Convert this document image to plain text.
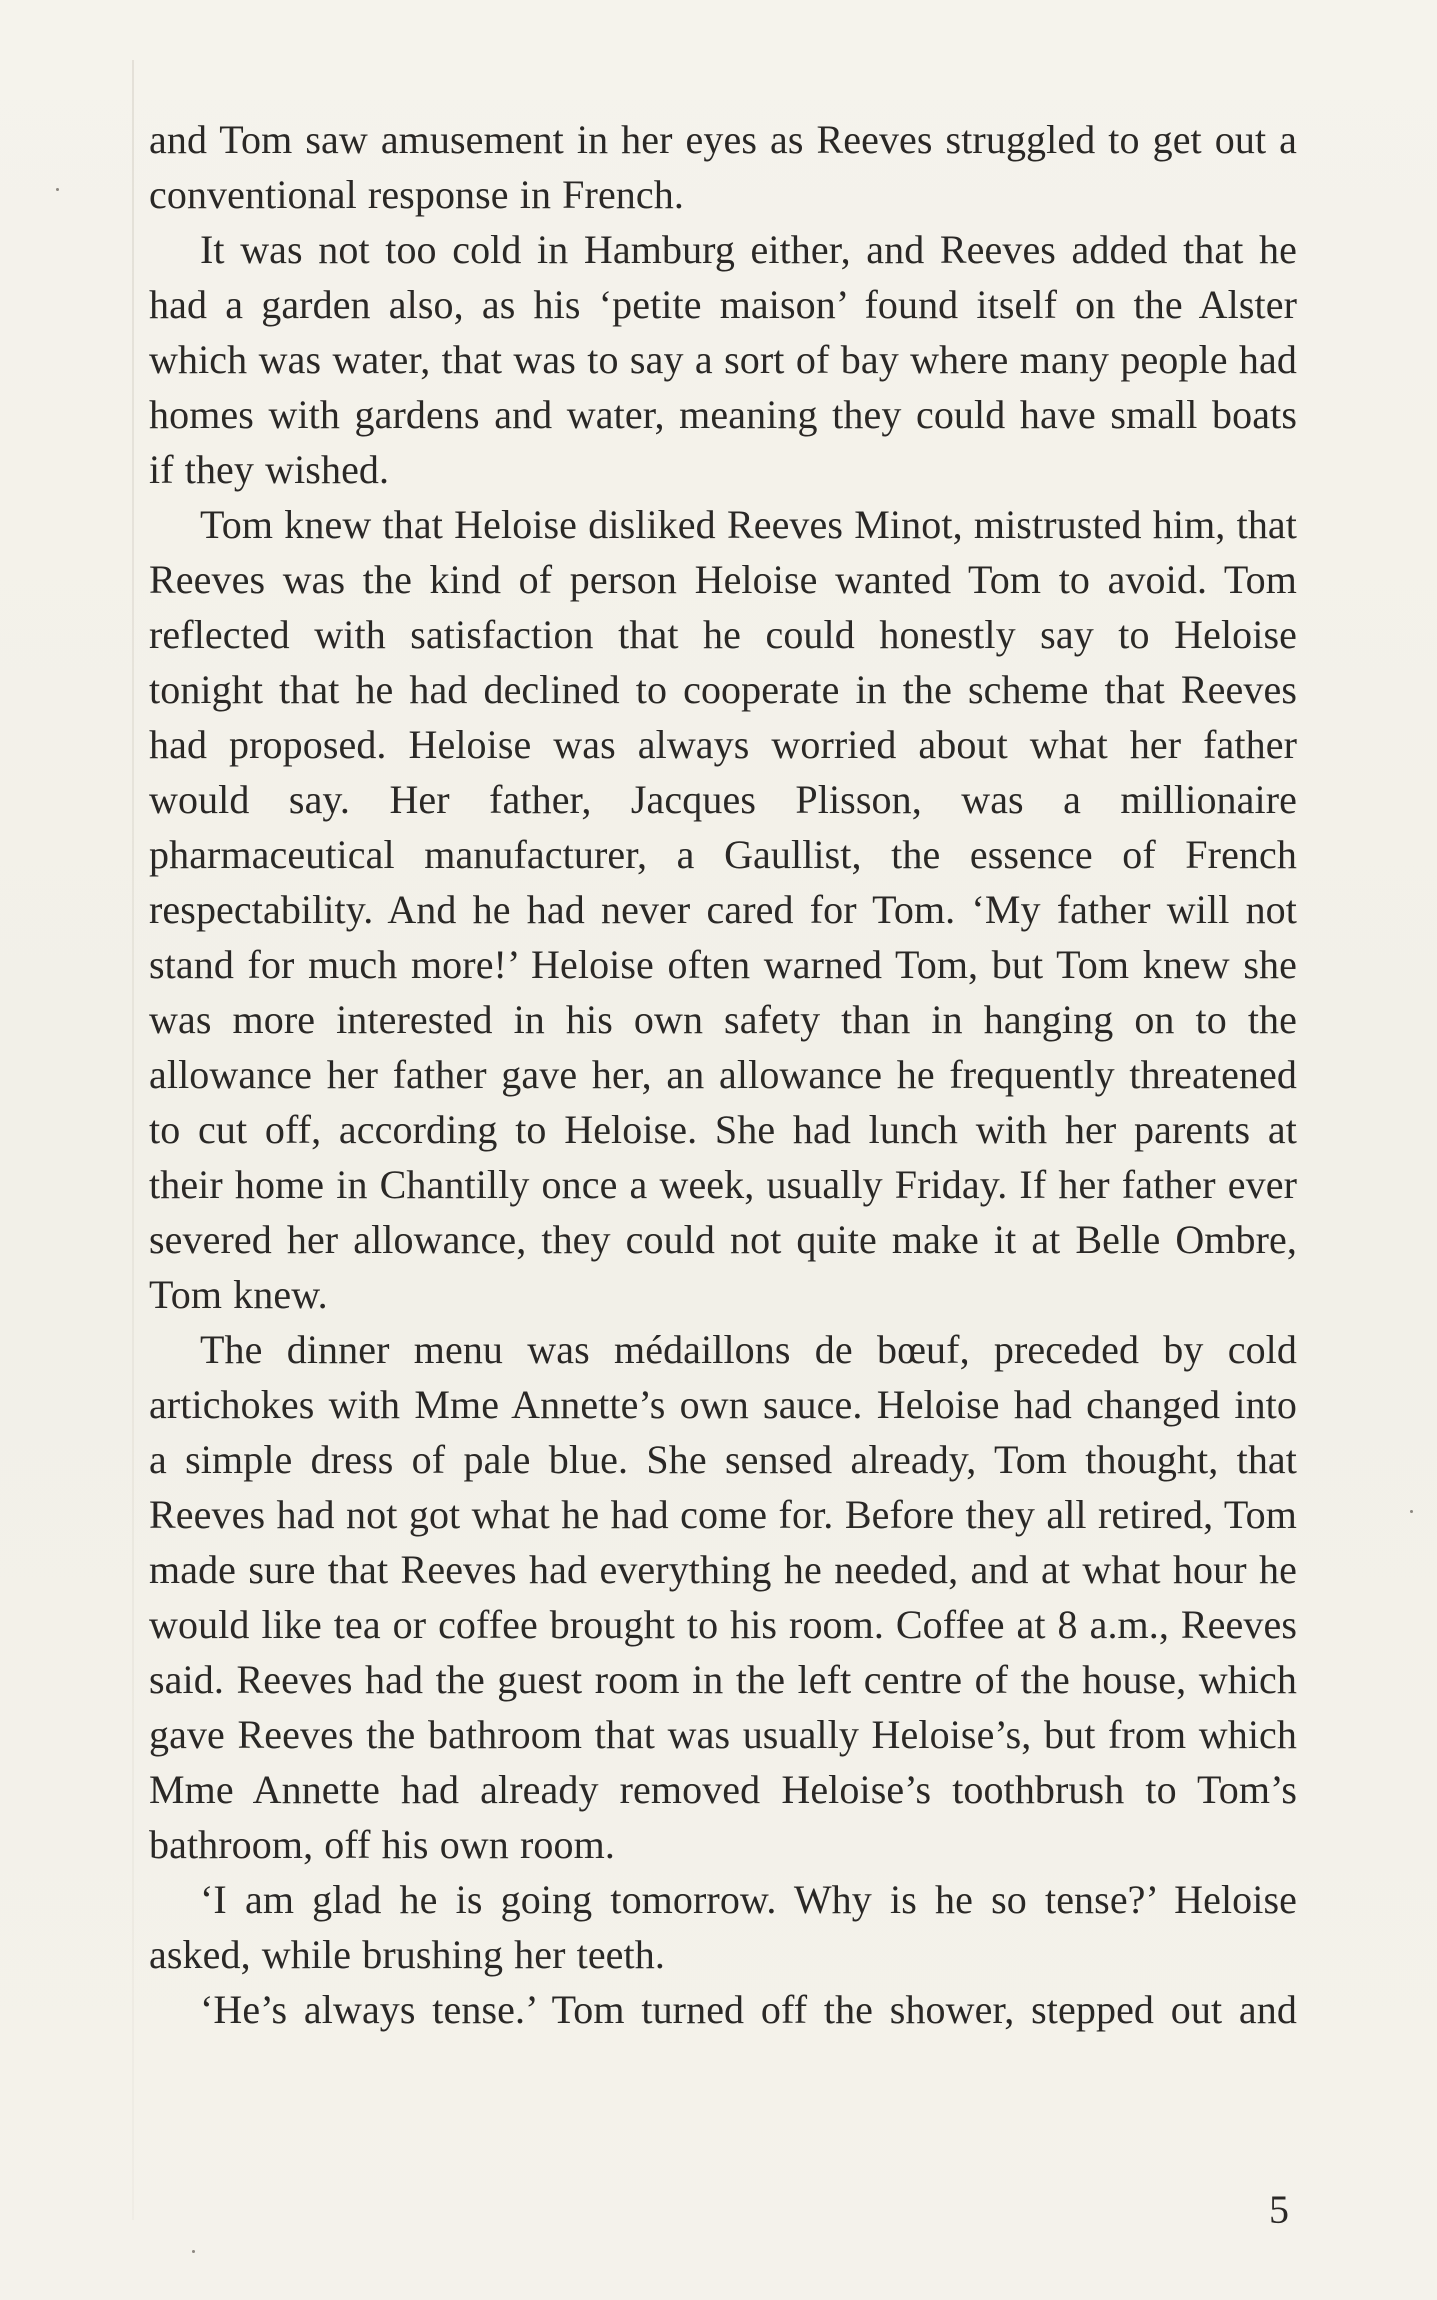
and Tom saw amusement in her eyes as Reeves struggled to get out a conventional response in French.

It was not too cold in Hamburg either, and Reeves added that he had a garden also, as his ‘petite maison’ found itself on the Alster which was water, that was to say a sort of bay where many people had homes with gardens and water, meaning they could have small boats if they wished.

Tom knew that Heloise disliked Reeves Minot, mistrusted him, that Reeves was the kind of person Heloise wanted Tom to avoid. Tom reflected with satisfaction that he could honestly say to Heloise tonight that he had declined to cooperate in the scheme that Reeves had proposed. Heloise was always worried about what her father would say. Her father, Jacques Plisson, was a millionaire pharmaceutical manufacturer, a Gaullist, the essence of French respectability. And he had never cared for Tom. ‘My father will not stand for much more!’ Heloise often warned Tom, but Tom knew she was more interested in his own safety than in hanging on to the allowance her father gave her, an allowance he frequently threatened to cut off, according to Heloise. She had lunch with her parents at their home in Chantilly once a week, usually Friday. If her father ever severed her allowance, they could not quite make it at Belle Ombre, Tom knew.

The dinner menu was médaillons de bœuf, preceded by cold artichokes with Mme Annette’s own sauce. Heloise had changed into a simple dress of pale blue. She sensed already, Tom thought, that Reeves had not got what he had come for. Before they all retired, Tom made sure that Reeves had everything he needed, and at what hour he would like tea or coffee brought to his room. Coffee at 8 a.m., Reeves said. Reeves had the guest room in the left centre of the house, which gave Reeves the bathroom that was usually Heloise’s, but from which Mme Annette had already removed Heloise’s toothbrush to Tom’s bathroom, off his own room.

‘I am glad he is going tomorrow. Why is he so tense?’ Heloise asked, while brushing her teeth.

‘He’s always tense.’ Tom turned off the shower, stepped out and

5
